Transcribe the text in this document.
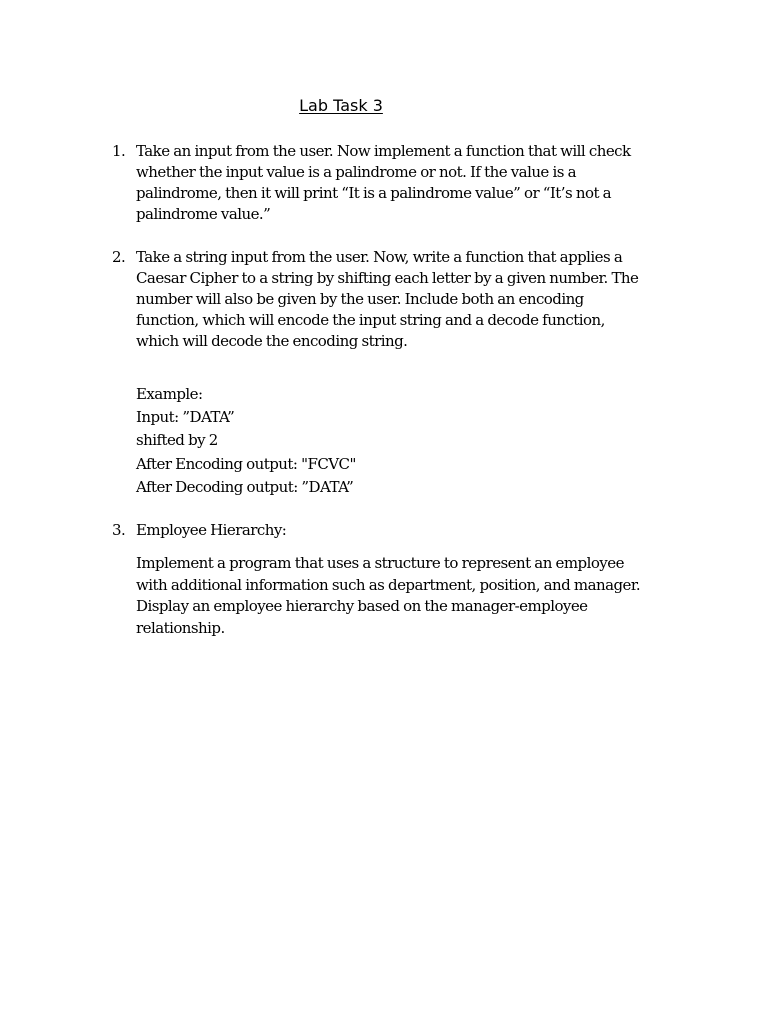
Lab Task 3
1. Take an input from the user. Now implement a function that will check
whether the input value is a palindrome or not. If the value is a
palindrome, then it will print “It is a palindrome value” or “It’s not a
palindrome value.”
2. Take a string input from the user. Now, write a function that applies a
Caesar Cipher to a string by shifting each letter by a given number. The
number will also be given by the user. Include both an encoding
function, which will encode the input string and a decode function,
which will decode the encoding string.
Example:
Input: ”DATA”
shifted by 2
After Encoding output: "FCVC"
After Decoding output: ”DATA”
3. Employee Hierarchy:
Implement a program that uses a structure to represent an employee
with additional information such as department, position, and manager.
Display an employee hierarchy based on the manager-employee
relationship.
